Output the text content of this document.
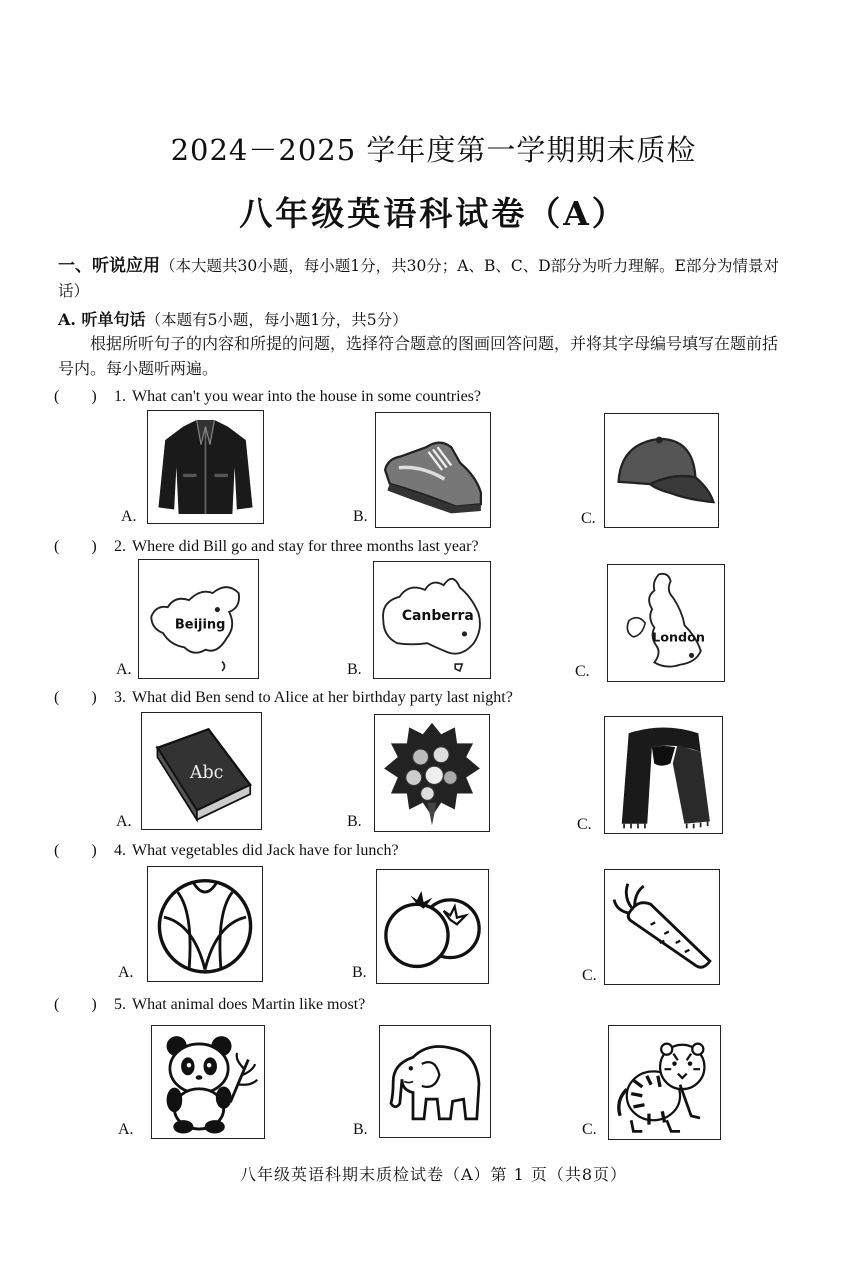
2024－2025 学年度第一学期期末质检
八年级英语科试卷（A）
一、听说应用（本大题共30小题，每小题1分，共30分；A、B、C、D部分为听力理解。E部分为情景对话）
A. 听单句话（本题有5小题，每小题1分，共5分）
根据所听句子的内容和所提的问题，选择符合题意的图画回答问题，并将其字母编号填写在题前括号内。每小题听两遍。
(　　) 1. What can't you wear into the house in some countries?
A.	B.	C.
(　　) 2. Where did Bill go and stay for three months last year?
A.
Beijing
B.
Canberra
C.
London
(　　) 3. What did Ben send to Alice at her birthday party last night?
A.
Abc
B.	C.
(　　) 4. What vegetables did Jack have for lunch?
A.	B.	C.
(　　) 5. What animal does Martin like most?
A.	B.	C.
八年级英语科期末质检试卷（A）第 1 页（共8页）
